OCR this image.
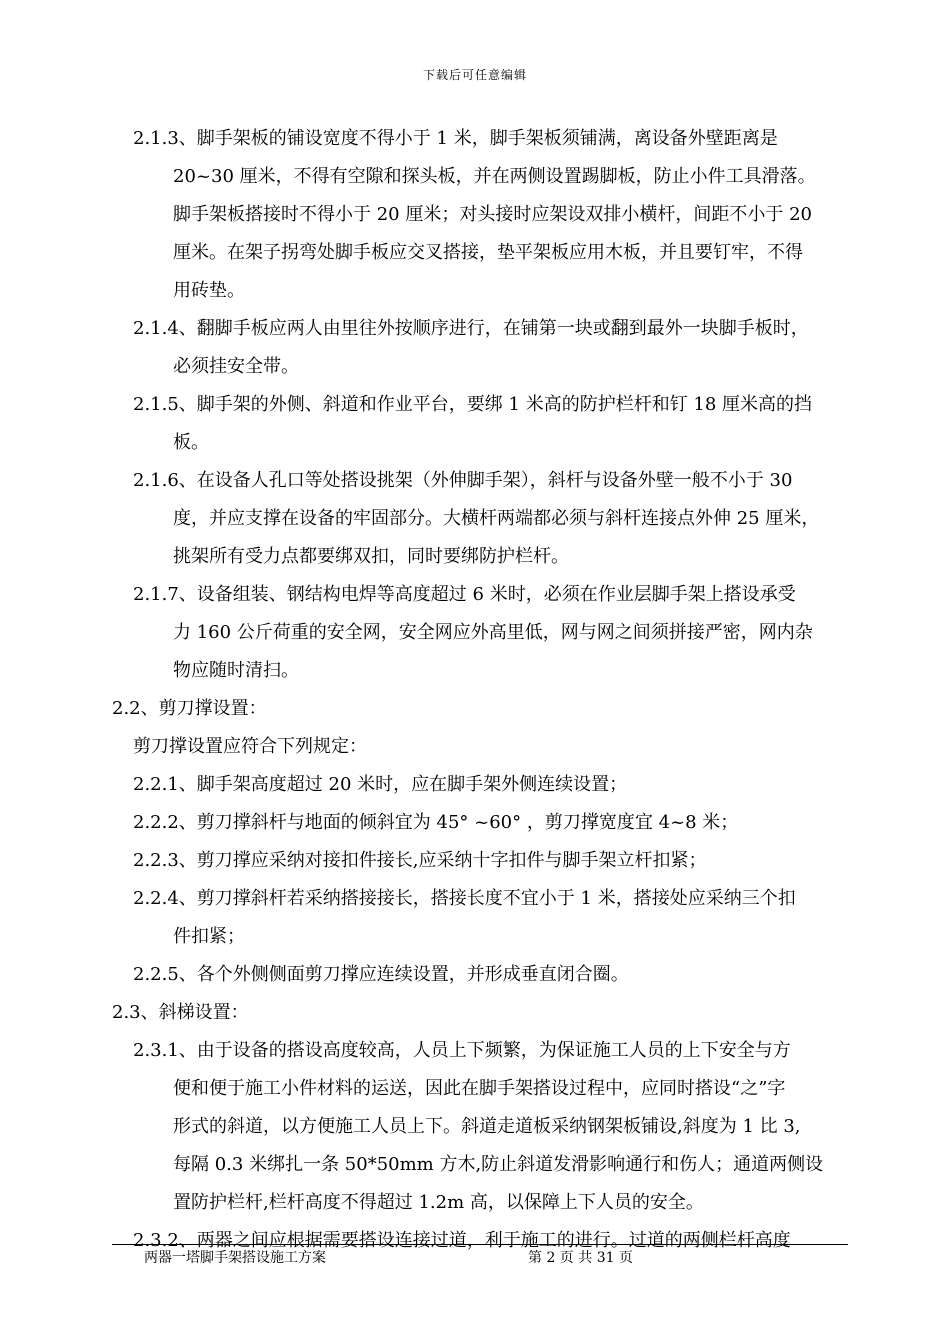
下载后可任意编辑
2.1.3、脚手架板的铺设宽度不得小于 1 米，脚手架板须铺满，离设备外壁距离是
20~30 厘米，不得有空隙和探头板，并在两侧设置踢脚板，防止小件工具滑落。
脚手架板搭接时不得小于 20 厘米；对头接时应架设双排小横杆，间距不小于 20
厘米。在架子拐弯处脚手板应交叉搭接，垫平架板应用木板，并且要钉牢，不得
用砖垫。
2.1.4、翻脚手板应两人由里往外按顺序进行，在铺第一块或翻到最外一块脚手板时，
必须挂安全带。
2.1.5、脚手架的外侧、斜道和作业平台，要绑 1 米高的防护栏杆和钉 18 厘米高的挡
板。
2.1.6、在设备人孔口等处搭设挑架（外伸脚手架），斜杆与设备外壁一般不小于 30
度，并应支撑在设备的牢固部分。大横杆两端都必须与斜杆连接点外伸 25 厘米，
挑架所有受力点都要绑双扣，同时要绑防护栏杆。
2.1.7、设备组装、钢结构电焊等高度超过 6 米时，必须在作业层脚手架上搭设承受
力 160 公斤荷重的安全网，安全网应外高里低，网与网之间须拼接严密，网内杂
物应随时清扫。
2.2、剪刀撑设置：
剪刀撑设置应符合下列规定：
2.2.1、脚手架高度超过 20 米时，应在脚手架外侧连续设置；
2.2.2、剪刀撑斜杆与地面的倾斜宜为 45° ~60° ，剪刀撑宽度宜 4~8 米；
2.2.3、剪刀撑应采纳对接扣件接长,应采纳十字扣件与脚手架立杆扣紧；
2.2.4、剪刀撑斜杆若采纳搭接接长，搭接长度不宜小于 1 米，搭接处应采纳三个扣
件扣紧；
2.2.5、各个外侧侧面剪刀撑应连续设置，并形成垂直闭合圈。
2.3、斜梯设置：
2.3.1、由于设备的搭设高度较高，人员上下频繁，为保证施工人员的上下安全与方
便和便于施工小件材料的运送，因此在脚手架搭设过程中，应同时搭设“之”字
形式的斜道，以方便施工人员上下。斜道走道板采纳钢架板铺设,斜度为 1 比 3,
每隔 0.3 米绑扎一条 50*50mm 方木,防止斜道发滑影响通行和伤人；通道两侧设
置防护栏杆,栏杆高度不得超过 1.2m 高，以保障上下人员的安全。
2.3.2、两器之间应根据需要搭设连接过道，利于施工的进行。过道的两侧栏杆高度
两器一塔脚手架搭设施工方案	第 2 页 共 31 页
